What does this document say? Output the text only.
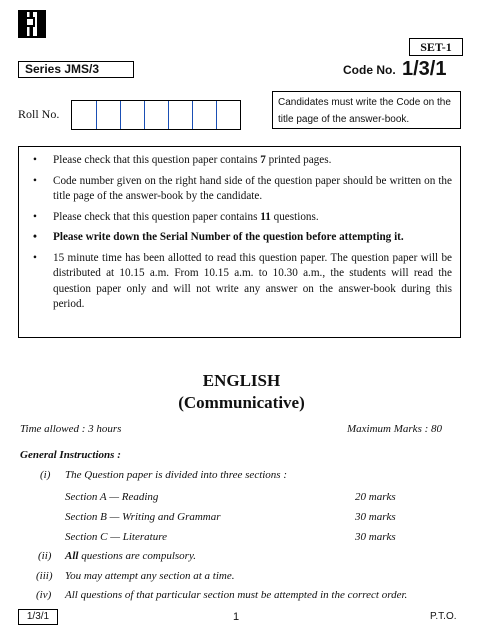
SET-1
Series JMS/3	Code No. 1/3/1
Roll No.
Candidates must write the Code on the title page of the answer-book.
• Please check that this question paper contains 7 printed pages.
• Code number given on the right hand side of the question paper should be written on the title page of the answer-book by the candidate.
• Please check that this question paper contains 11 questions.
• Please write down the Serial Number of the question before attempting it.
• 15 minute time has been allotted to read this question paper. The question paper will be distributed at 10.15 a.m. From 10.15 a.m. to 10.30 a.m., the students will read the question paper only and will not write any answer on the answer-book during this period.
ENGLISH
(Communicative)
Time allowed : 3 hours	Maximum Marks : 80
General Instructions :
(i) The Question paper is divided into three sections :
Section A — Reading	20 marks
Section B — Writing and Grammar	30 marks
Section C — Literature	30 marks
(ii) All questions are compulsory.
(iii) You may attempt any section at a time.
(iv) All questions of that particular section must be attempted in the correct order.
1/3/1	1	P.T.O.
